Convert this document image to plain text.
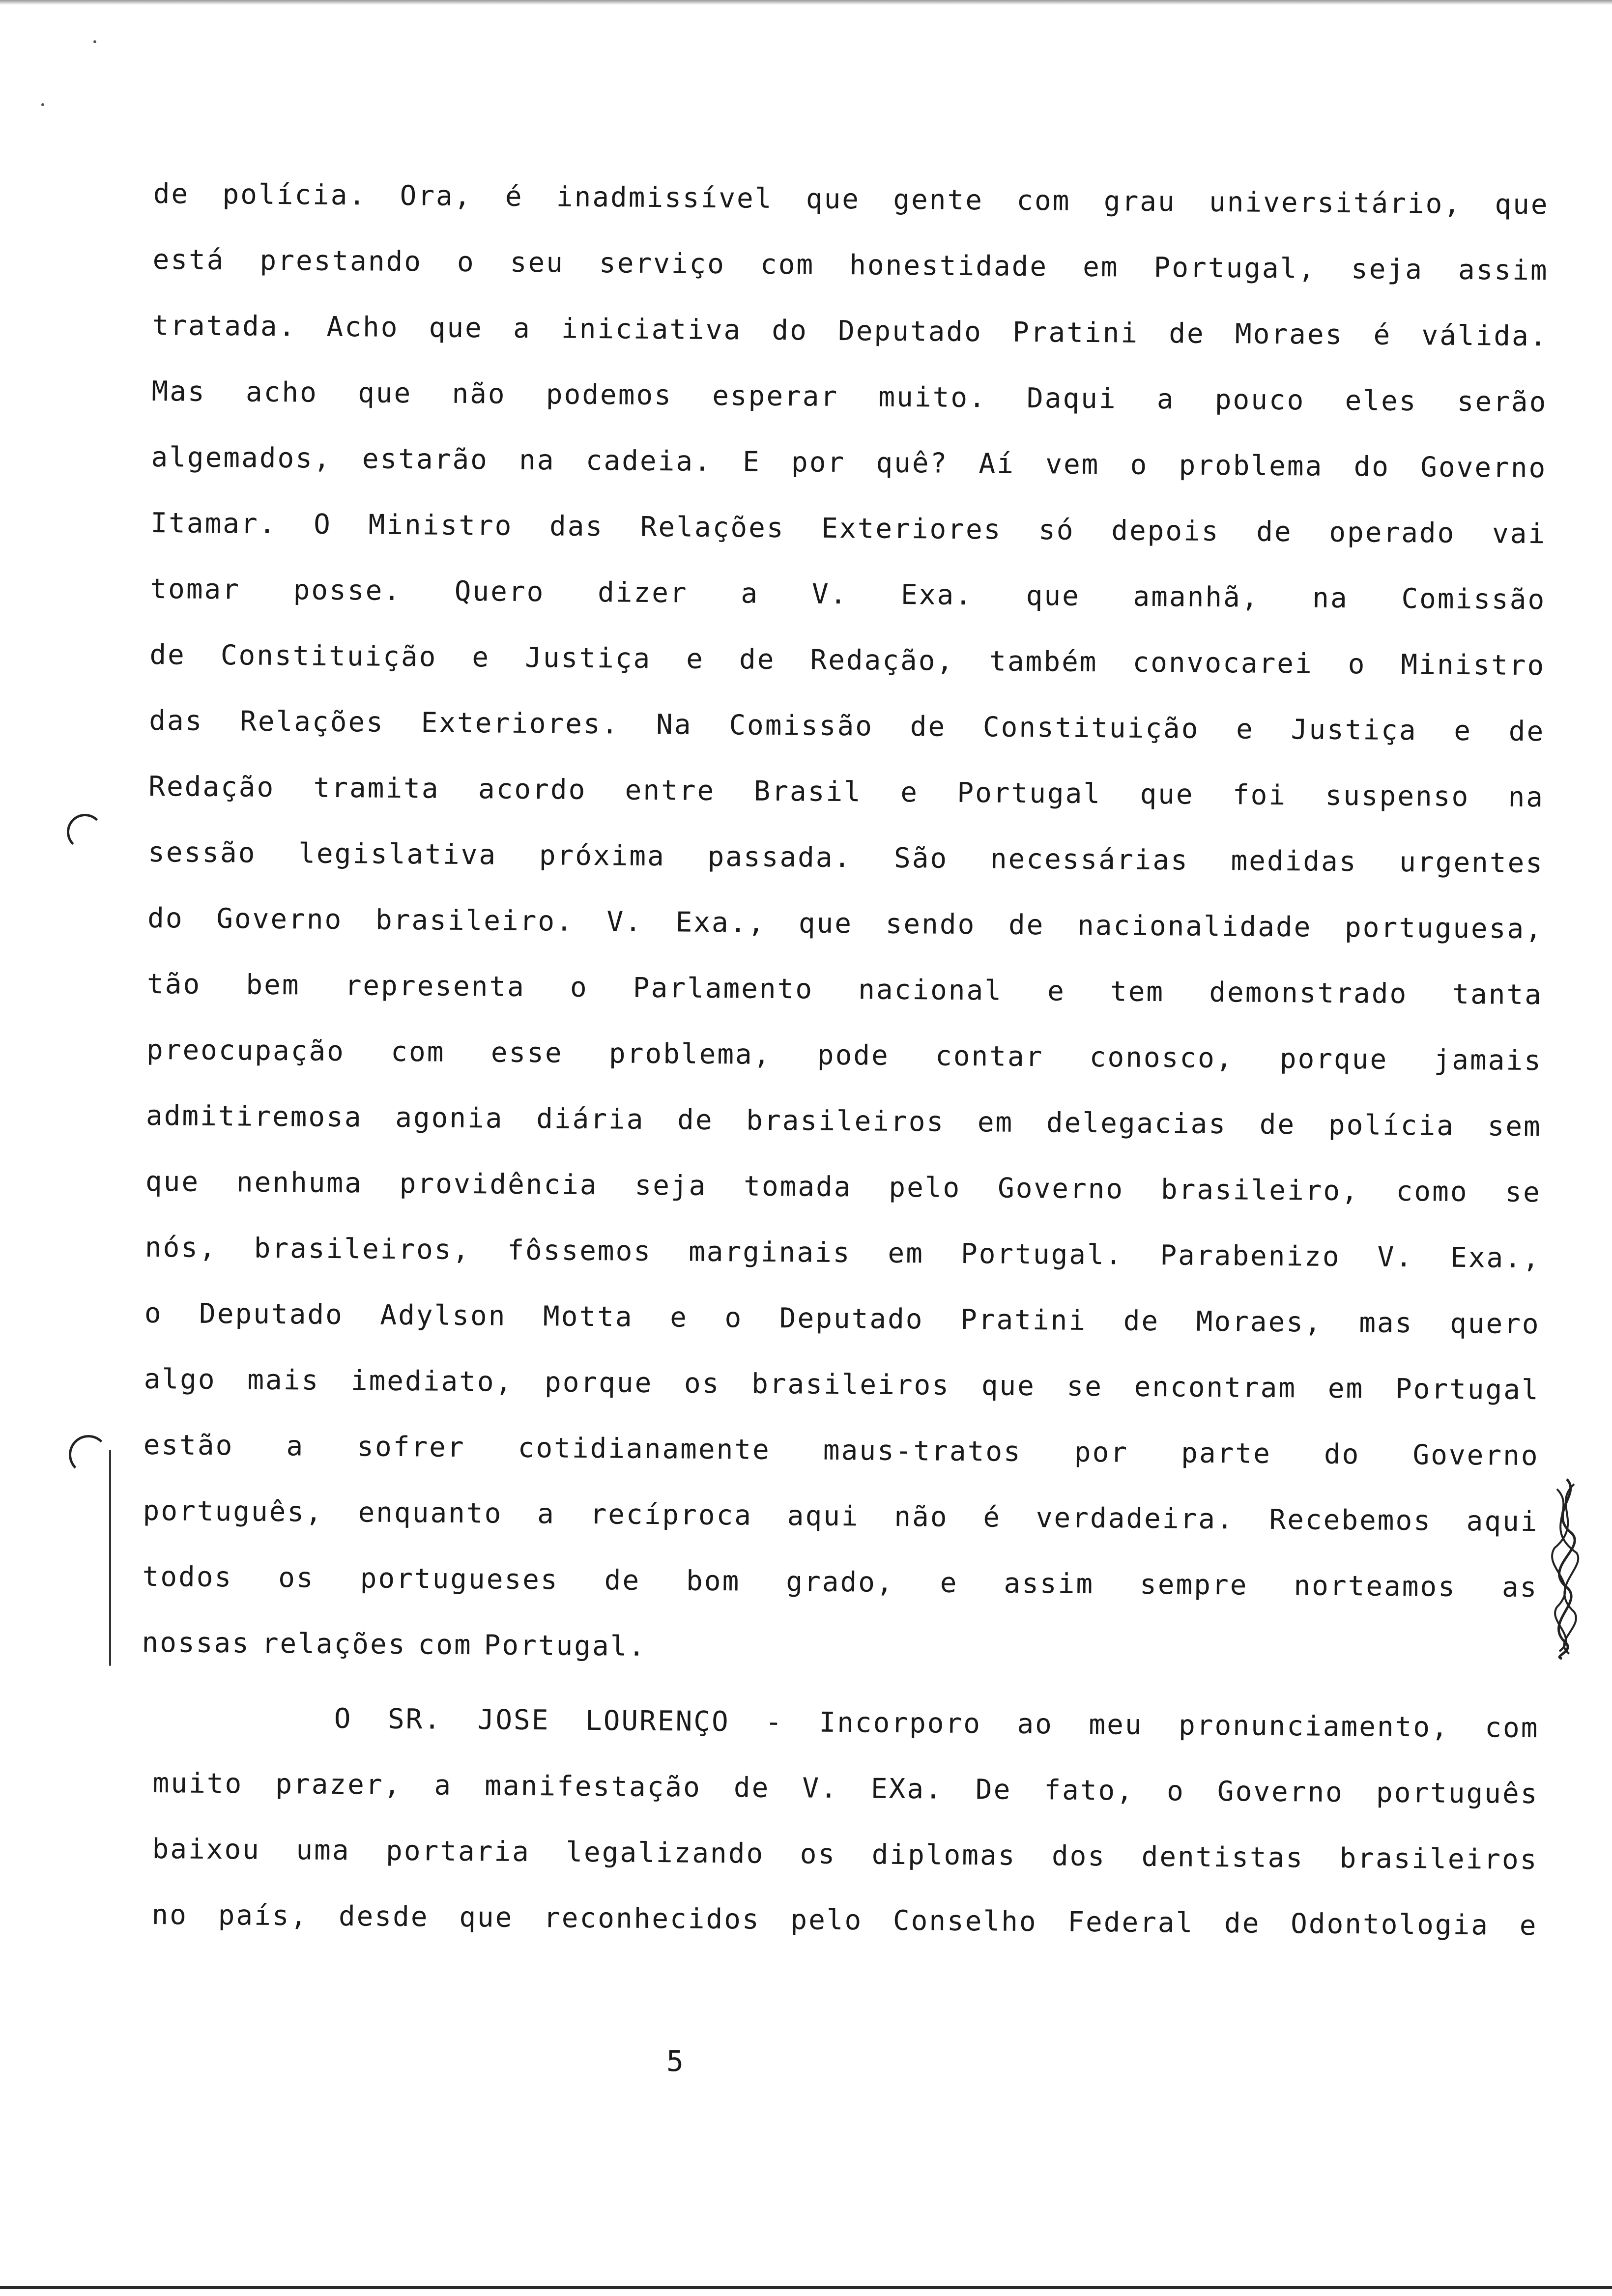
de polícia. Ora, é inadmissível que gente com grau universitário, que
está prestando o seu serviço com honestidade em Portugal, seja assim
tratada. Acho que a iniciativa do Deputado Pratini de Moraes é válida.
Mas acho que não podemos esperar muito. Daqui a pouco eles serão
algemados, estarão na cadeia. E por quê? Aí vem o problema do Governo
Itamar. O Ministro das Relações Exteriores só depois de operado vai
tomar posse. Quero dizer a V. Exa. que amanhã, na Comissão
de Constituição e Justiça e de Redação, também convocarei o Ministro
das Relações Exteriores. Na Comissão de Constituição e Justiça e de
Redação tramita acordo entre Brasil e Portugal que foi suspenso na
sessão legislativa próxima passada. São necessárias medidas urgentes
do Governo brasileiro. V. Exa., que sendo de nacionalidade portuguesa,
tão bem representa o Parlamento nacional e tem demonstrado tanta
preocupação com esse problema, pode contar conosco, porque jamais
admitiremosa agonia diária de brasileiros em delegacias de polícia sem
que nenhuma providência seja tomada pelo Governo brasileiro, como se
nós, brasileiros, fôssemos marginais em Portugal. Parabenizo V. Exa.,
o Deputado Adylson Motta e o Deputado Pratini de Moraes, mas quero
algo mais imediato, porque os brasileiros que se encontram em Portugal
estão a sofrer cotidianamente maus-tratos por parte do Governo
português, enquanto a recíproca aqui não é verdadeira. Recebemos aqui
todos os portugueses de bom grado, e assim sempre norteamos as
nossas relações com Portugal.
O SR. JOSE LOURENÇO - Incorporo ao meu pronunciamento, com
muito prazer, a manifestação de V. EXa. De fato, o Governo português
baixou uma portaria legalizando os diplomas dos dentistas brasileiros
no país, desde que reconhecidos pelo Conselho Federal de Odontologia e
5
